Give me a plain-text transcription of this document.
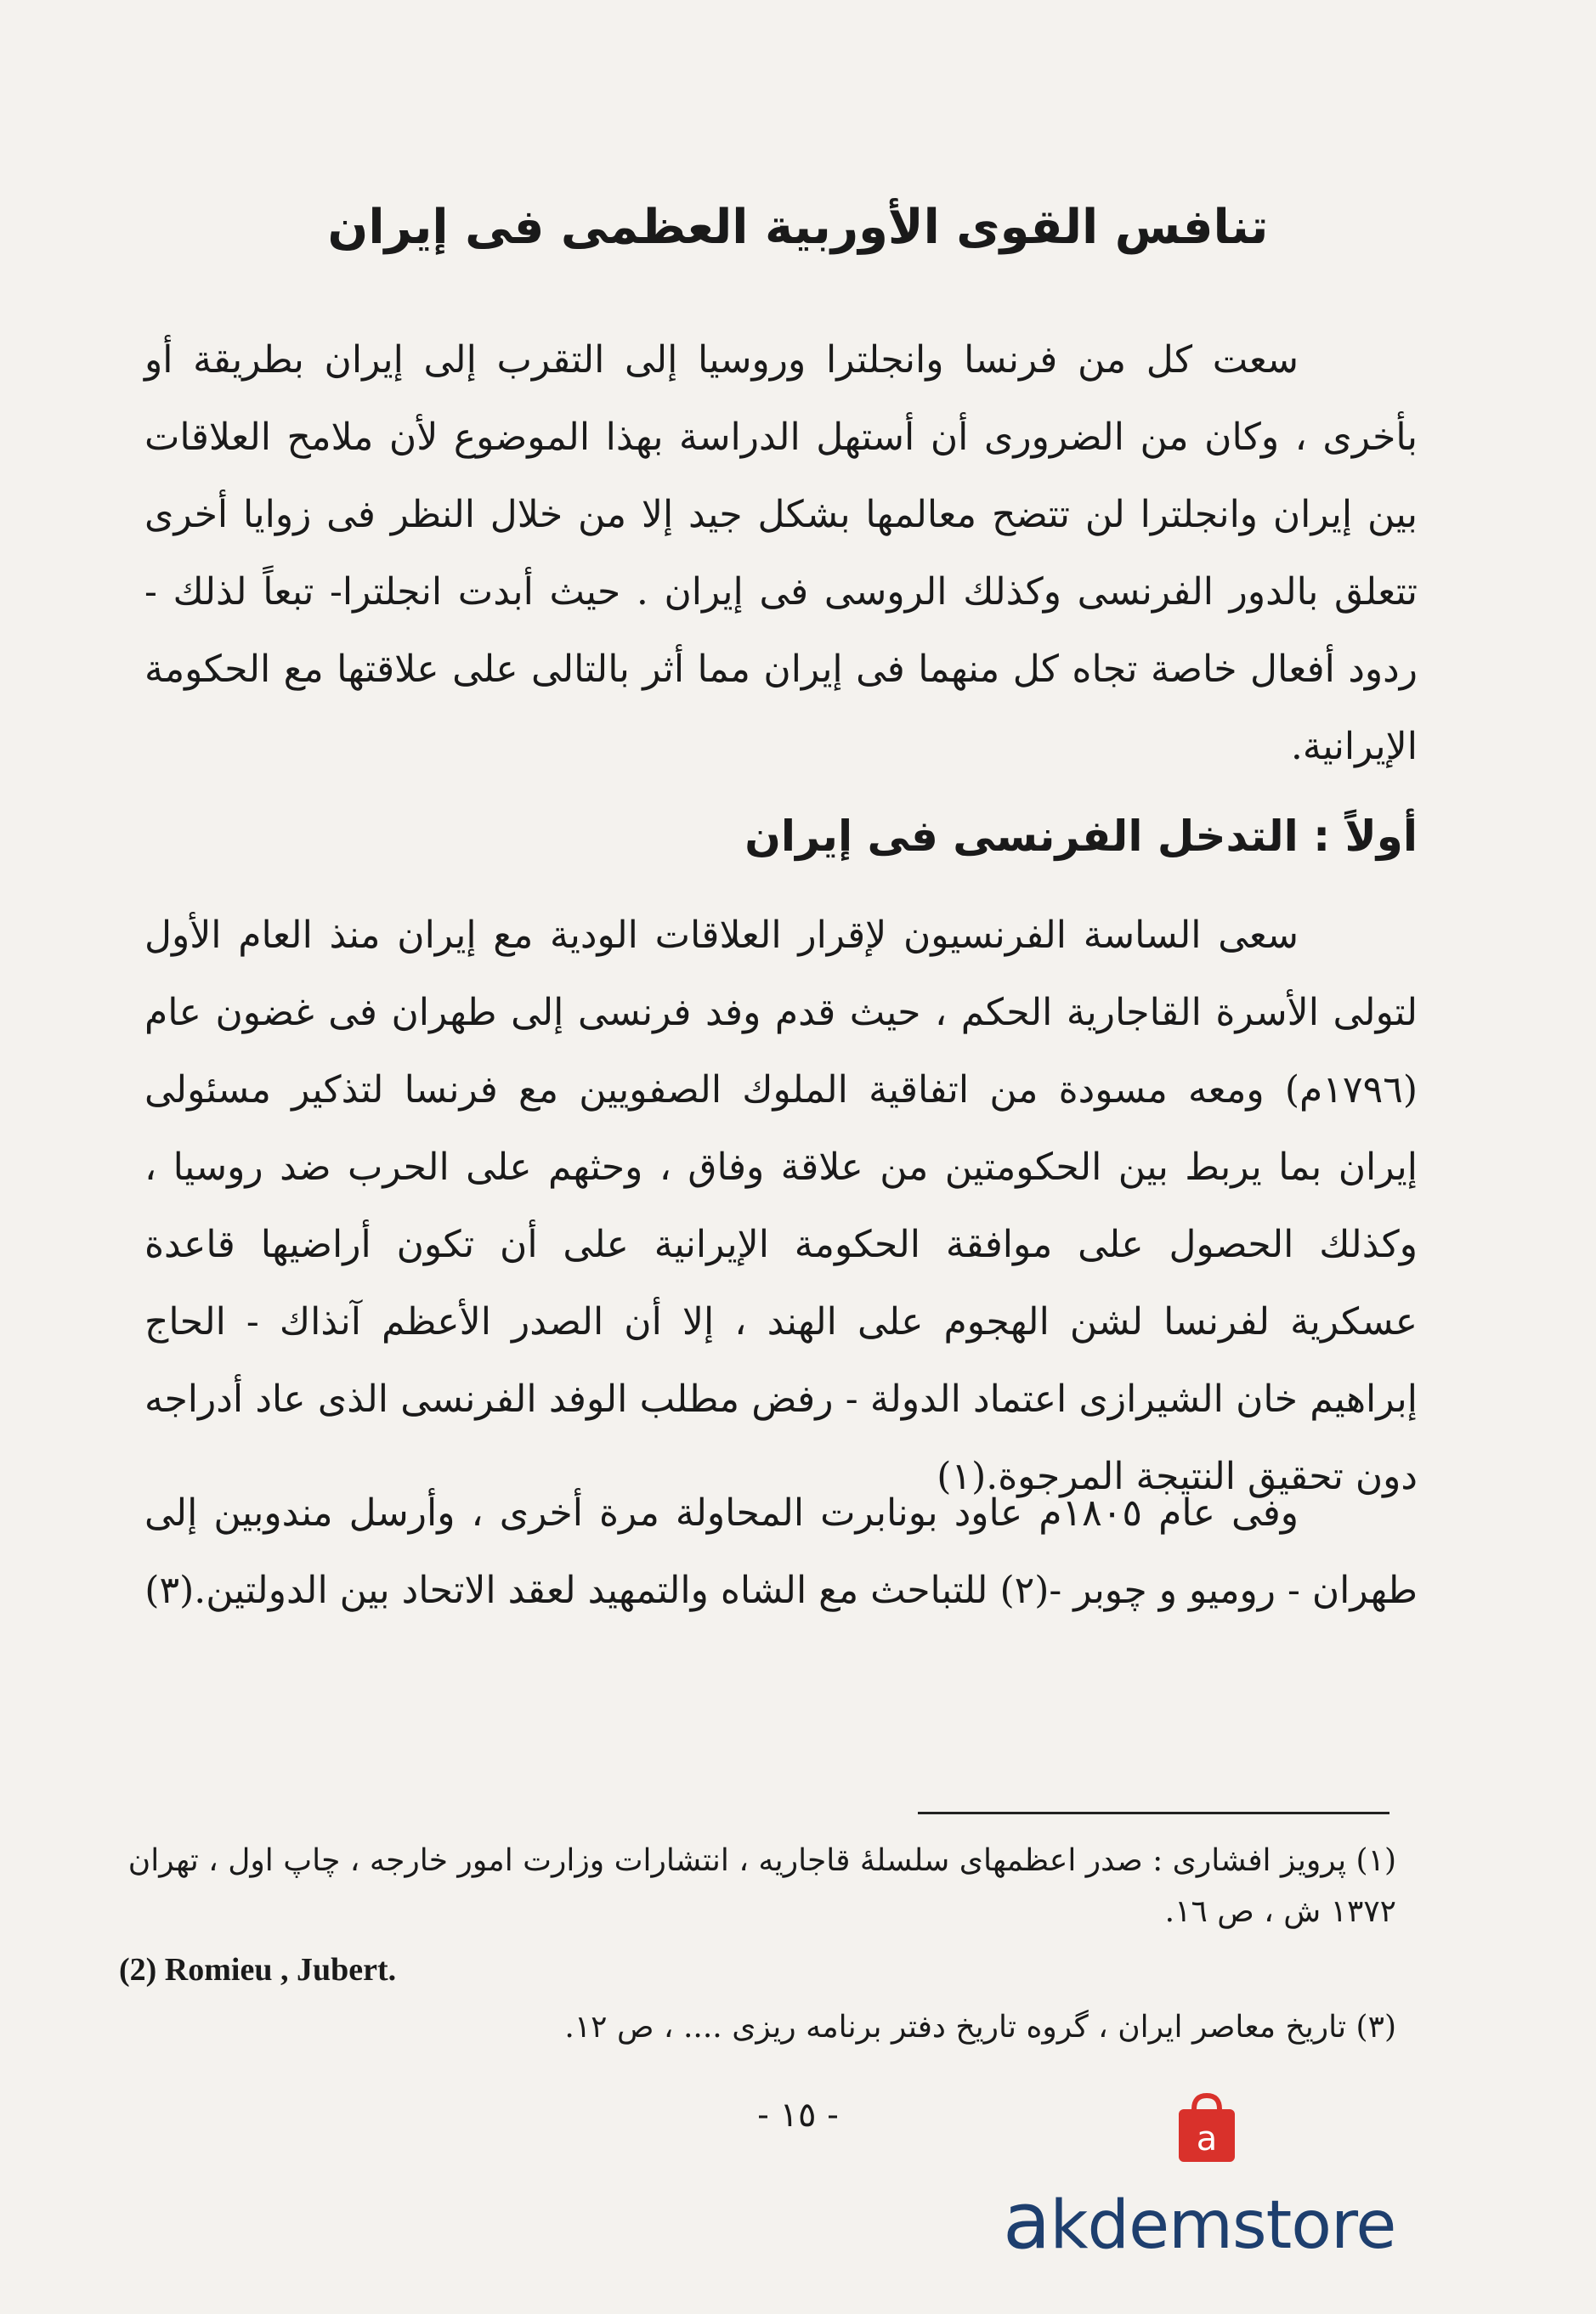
تنافس القوى الأوربية العظمى فى إيران

سعت كل من فرنسا وانجلترا وروسيا إلى التقرب إلى إيران بطريقة أو بأخرى ، وكان من الضرورى أن أستهل الدراسة بهذا الموضوع لأن ملامح العلاقات بين إيران وانجلترا لن تتضح معالمها بشكل جيد إلا من خلال النظر فى زوايا أخرى تتعلق بالدور الفرنسى وكذلك الروسى فى إيران . حيث أبدت انجلترا- تبعاً لذلك - ردود أفعال خاصة تجاه كل منهما فى إيران مما أثر بالتالى على علاقتها مع الحكومة الإيرانية.

أولاً : التدخل الفرنسى فى إيران

سعى الساسة الفرنسيون لإقرار العلاقات الودية مع إيران منذ العام الأول لتولى الأسرة القاجارية الحكم ، حيث قدم وفد فرنسى إلى طهران فى غضون عام (١٧٩٦م) ومعه مسودة من اتفاقية الملوك الصفويين مع فرنسا لتذكير مسئولى إيران بما يربط بين الحكومتين من علاقة وفاق ، وحثهم على الحرب ضد روسيا ، وكذلك الحصول على موافقة الحكومة الإيرانية على أن تكون أراضيها قاعدة عسكرية لفرنسا لشن الهجوم على الهند ، إلا أن الصدر الأعظم آنذاك - الحاج إبراهيم خان الشيرازى اعتماد الدولة - رفض مطلب الوفد الفرنسى الذى عاد أدراجه دون تحقيق النتيجة المرجوة.(١)

وفى عام ١٨٠٥م عاود بونابرت المحاولة مرة أخرى ، وأرسل مندوبين إلى طهران - روميو و چوبر -(٢) للتباحث مع الشاه والتمهيد لعقد الاتحاد بين الدولتين.(٣)

(١) پرويز افشارى : صدر اعظمهاى سلسلهٔ قاجاريه ، انتشارات وزارت امور خارجه ، چاپ اول ، تهران ١٣٧٢ ش ، ص ١٦.
(2) Romieu , Jubert.
(٣) تاريخ معاصر ايران ، گروه تاريخ دفتر برنامه ريزى .... ، ص ١٢.
- ١٥ -
a
akdemstore
